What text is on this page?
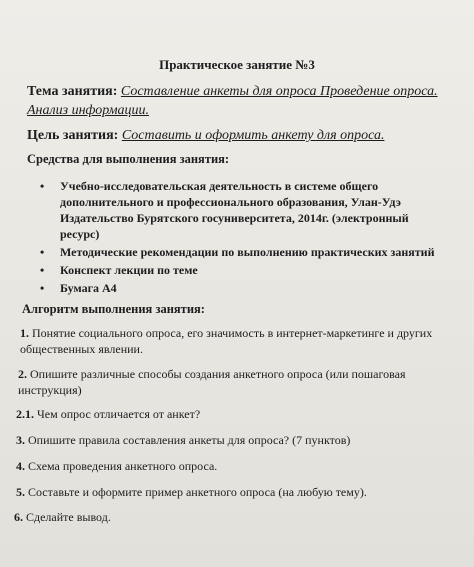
Практическое занятие №3
Тема занятия: Составление анкеты для опроса Проведение опроса. Анализ информации.
Цель занятия: Составить и оформить анкету для опроса.
Средства для выполнения занятия:
• Учебно-исследовательская деятельность в системе общего дополнительного и профессионального образования, Улан-Удэ Издательство Бурятского госуниверситета, 2014г. (электронный ресурс)
• Методические рекомендации по выполнению практических занятий
• Конспект лекции по теме
• Бумага А4
Алгоритм выполнения занятия:
1. Понятие социального опроса, его значимость в интернет-маркетинге и других общественных явлении.
2. Опишите различные способы создания анкетного опроса (или пошаговая инструкция)
2.1. Чем опрос отличается от анкет?
3. Опишите правила составления анкеты для опроса? (7 пунктов)
4. Схема проведения анкетного опроса.
5. Составьте и оформите пример анкетного опроса (на любую тему).
6. Сделайте вывод.
